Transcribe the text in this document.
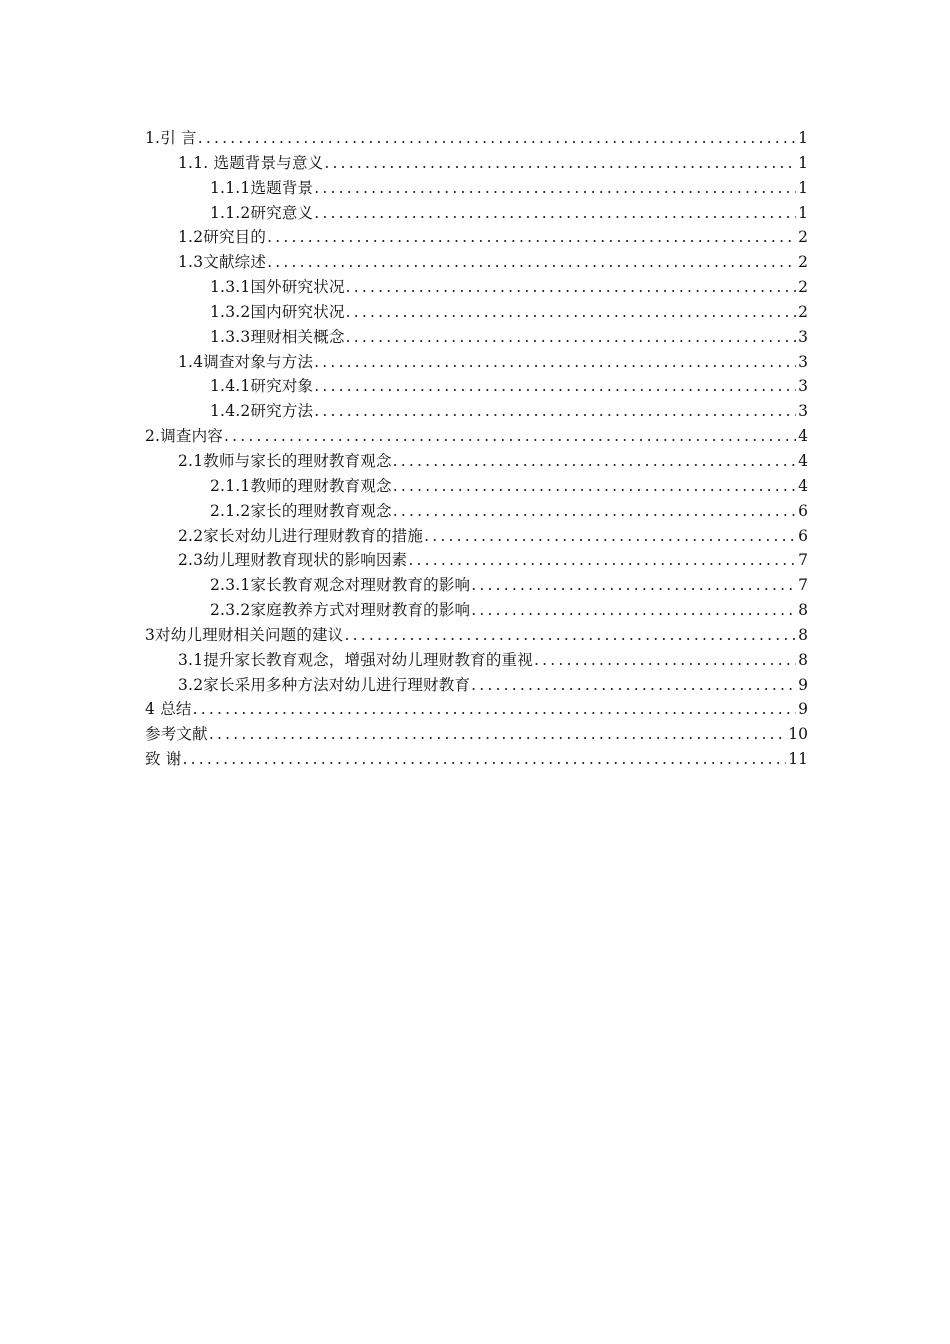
1.引 言 .....	1
1.1. 选题背景与意义 .....	1
1.1.1选题背景 .....	1
1.1.2研究意义 .....	1
1.2研究目的 .....	2
1.3文献综述 .....	2
1.3.1国外研究状况 .....	2
1.3.2国内研究状况 .....	2
1.3.3理财相关概念 .....	3
1.4调查对象与方法 .....	3
1.4.1研究对象 .....	3
1.4.2研究方法 .....	3
2.调查内容 .....	4
2.1教师与家长的理财教育观念 .....	4
2.1.1教师的理财教育观念 .....	4
2.1.2家长的理财教育观念 .....	6
2.2家长对幼儿进行理财教育的措施 .....	6
2.3幼儿理财教育现状的影响因素 .....	7
2.3.1家长教育观念对理财教育的影响 .....	7
2.3.2家庭教养方式对理财教育的影响 .....	8
3对幼儿理财相关问题的建议 .....	8
3.1提升家长教育观念，增强对幼儿理财教育的重视 .....	8
3.2家长采用多种方法对幼儿进行理财教育 .....	9
4 总结 .....	9
参考文献 .....	10
致 谢 .....	11
